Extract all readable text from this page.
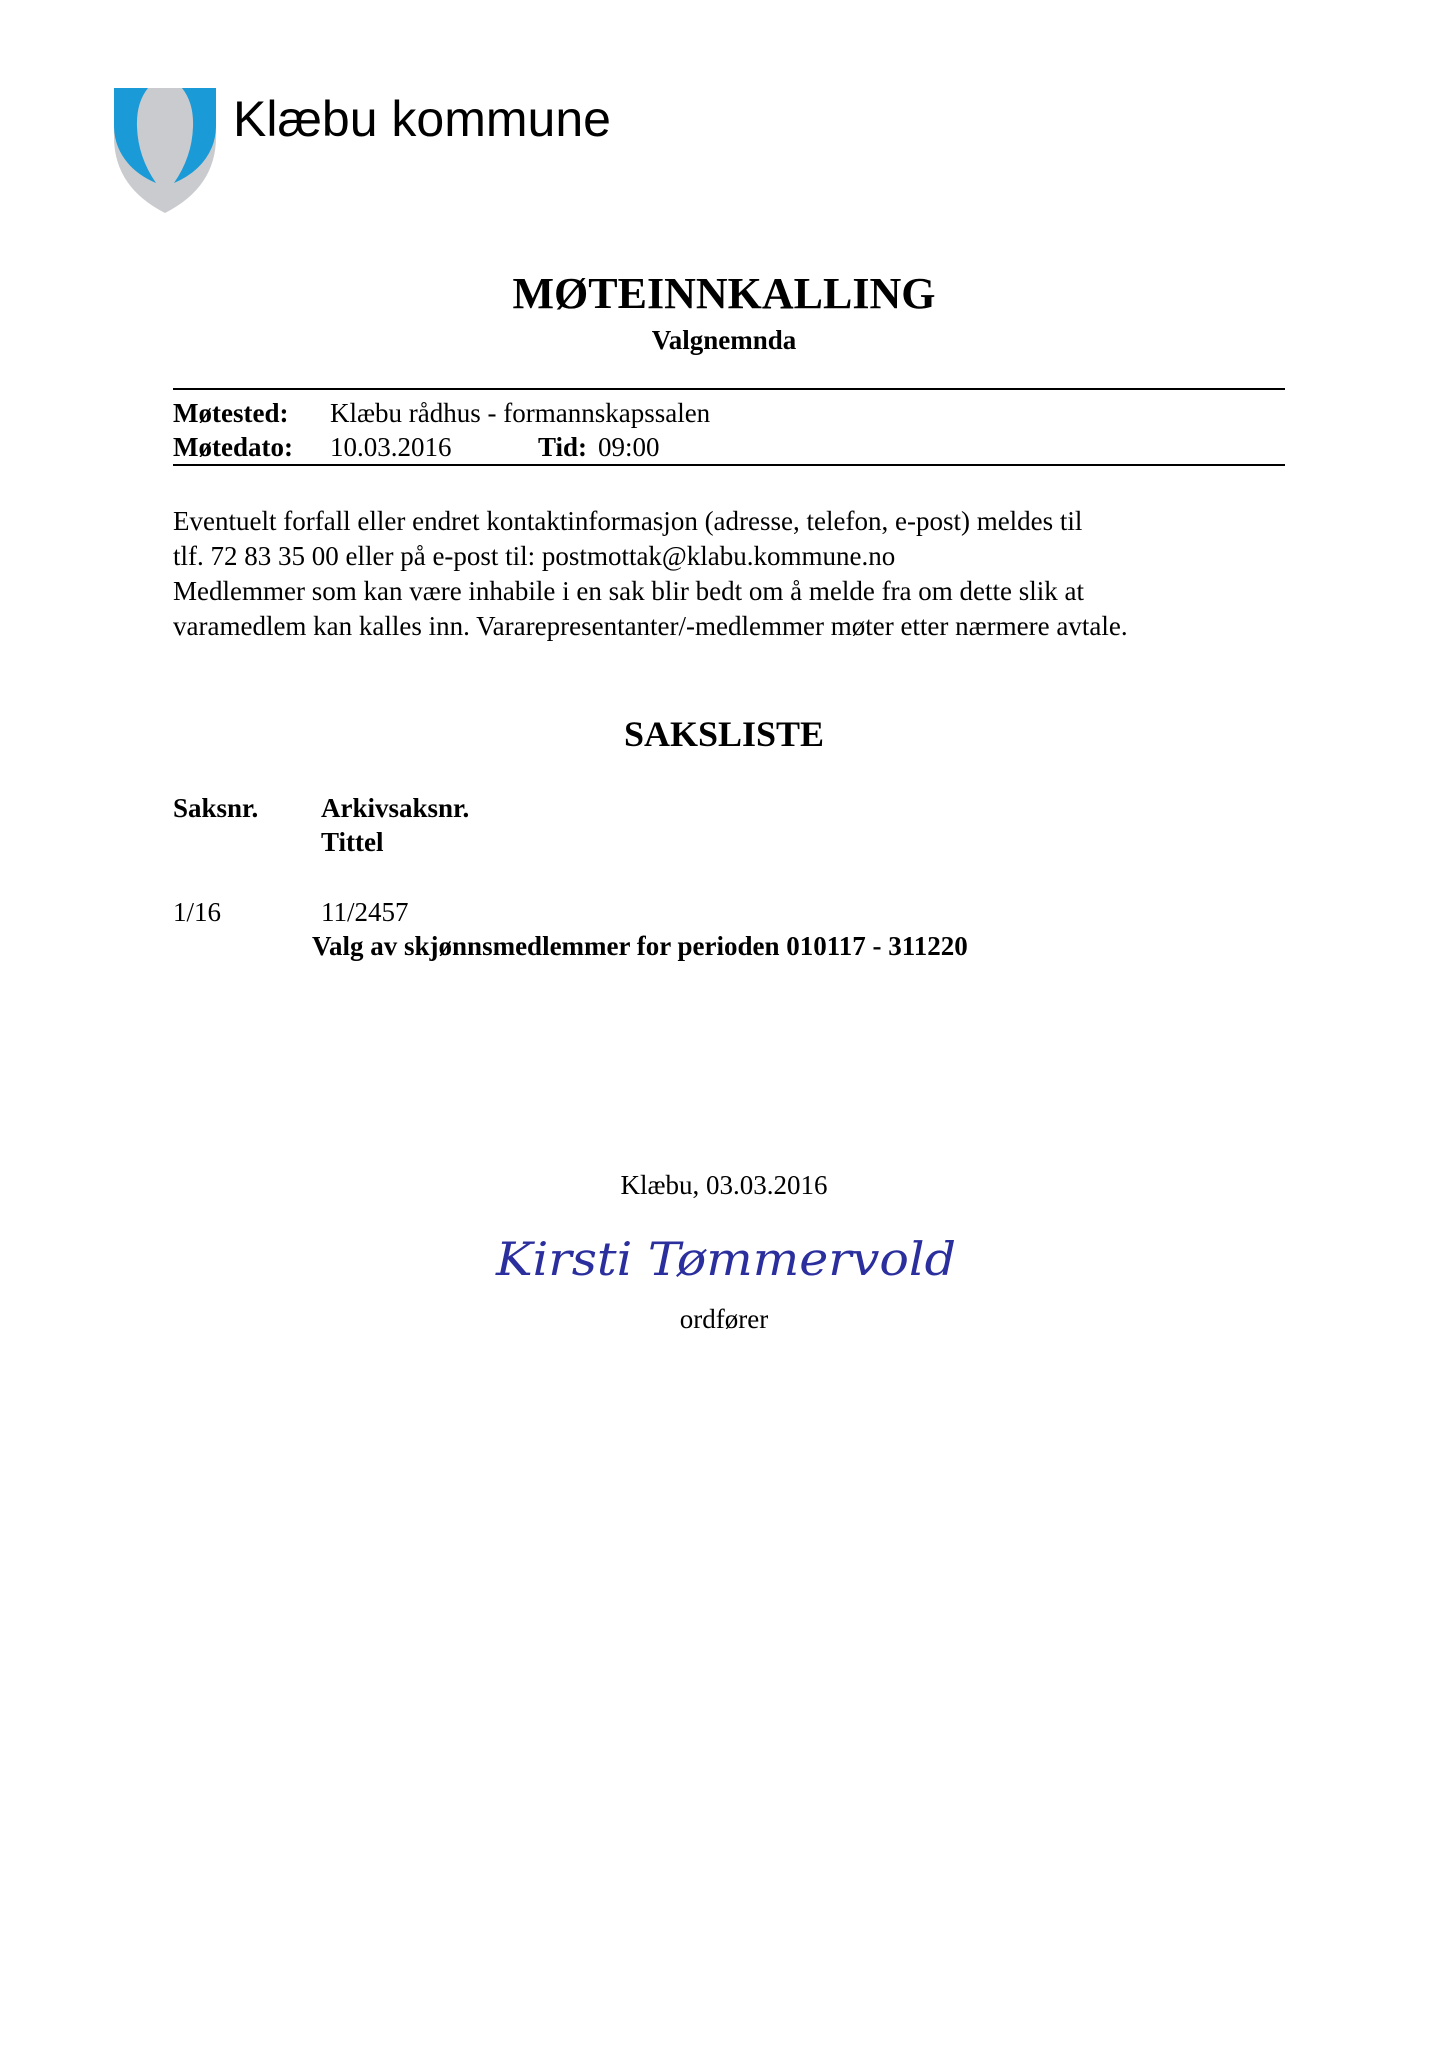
Klæbu kommune
MØTEINNKALLING
Valgnemnda
Møtested: Klæbu rådhus - formannskapssalen
Møtedato: 10.03.2016	Tid: 09:00
Eventuelt forfall eller endret kontaktinformasjon (adresse, telefon, e-post) meldes til
tlf. 72 83 35 00 eller på e-post til: postmottak@klabu.kommune.no
Medlemmer som kan være inhabile i en sak blir bedt om å melde fra om dette slik at
varamedlem kan kalles inn. Vararepresentanter/-medlemmer møter etter nærmere avtale.
SAKSLISTE
Saksnr. Arkivsaksnr.
Tittel
1/16	11/2457
Valg av skjønnsmedlemmer for perioden 010117 - 311220
Klæbu, 03.03.2016
Kirsti Tømmervold
ordfører
